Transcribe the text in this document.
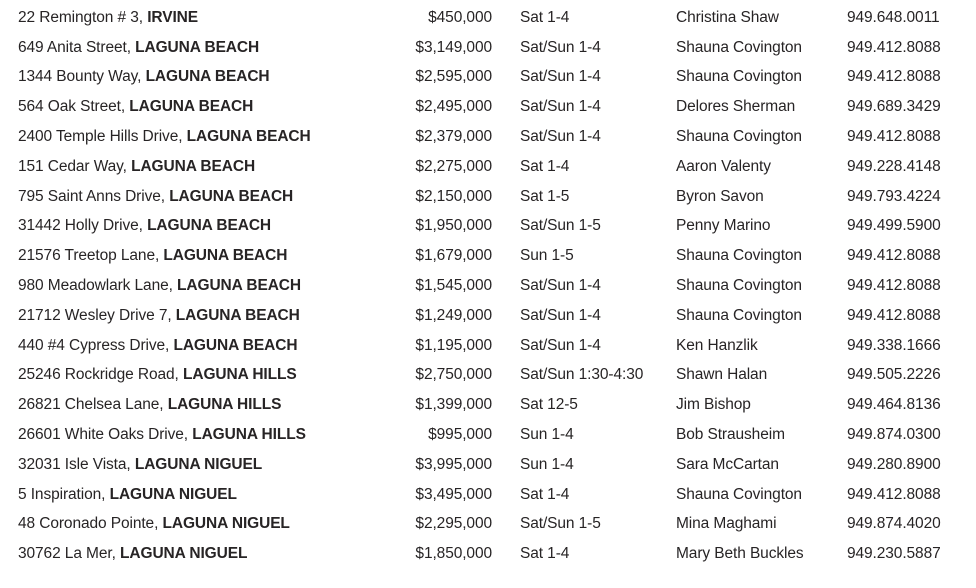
22 Remington # 3, IRVINE	$450,000 Sat 1-4	Christina Shaw	949.648.0011
649 Anita Street, LAGUNA BEACH	$3,149,000 Sat/Sun 1-4	Shauna Covington	949.412.8088
1344 Bounty Way, LAGUNA BEACH	$2,595,000 Sat/Sun 1-4	Shauna Covington	949.412.8088
564 Oak Street, LAGUNA BEACH	$2,495,000 Sat/Sun 1-4	Delores Sherman	949.689.3429
2400 Temple Hills Drive, LAGUNA BEACH	$2,379,000 Sat/Sun 1-4	Shauna Covington	949.412.8088
151 Cedar Way, LAGUNA BEACH	$2,275,000 Sat 1-4	Aaron Valenty	949.228.4148
795 Saint Anns Drive, LAGUNA BEACH	$2,150,000 Sat 1-5	Byron Savon	949.793.4224
31442 Holly Drive, LAGUNA BEACH	$1,950,000 Sat/Sun 1-5	Penny Marino	949.499.5900
21576 Treetop Lane, LAGUNA BEACH	$1,679,000 Sun 1-5	Shauna Covington	949.412.8088
980 Meadowlark Lane, LAGUNA BEACH	$1,545,000 Sat/Sun 1-4	Shauna Covington	949.412.8088
21712 Wesley Drive 7, LAGUNA BEACH	$1,249,000 Sat/Sun 1-4	Shauna Covington	949.412.8088
440 #4 Cypress Drive, LAGUNA BEACH	$1,195,000 Sat/Sun 1-4	Ken Hanzlik	949.338.1666
25246 Rockridge Road, LAGUNA HILLS	$2,750,000 Sat/Sun 1:30-4:30	Shawn Halan	949.505.2226
26821 Chelsea Lane, LAGUNA HILLS	$1,399,000 Sat 12-5	Jim Bishop	949.464.8136
26601 White Oaks Drive, LAGUNA HILLS	$995,000 Sun 1-4	Bob Strausheim	949.874.0300
32031 Isle Vista, LAGUNA NIGUEL	$3,995,000 Sun 1-4	Sara McCartan	949.280.8900
5 Inspiration, LAGUNA NIGUEL	$3,495,000 Sat 1-4	Shauna Covington	949.412.8088
48 Coronado Pointe, LAGUNA NIGUEL	$2,295,000 Sat/Sun 1-5	Mina Maghami	949.874.4020
30762 La Mer, LAGUNA NIGUEL	$1,850,000 Sat 1-4	Mary Beth Buckles	949.230.5887
